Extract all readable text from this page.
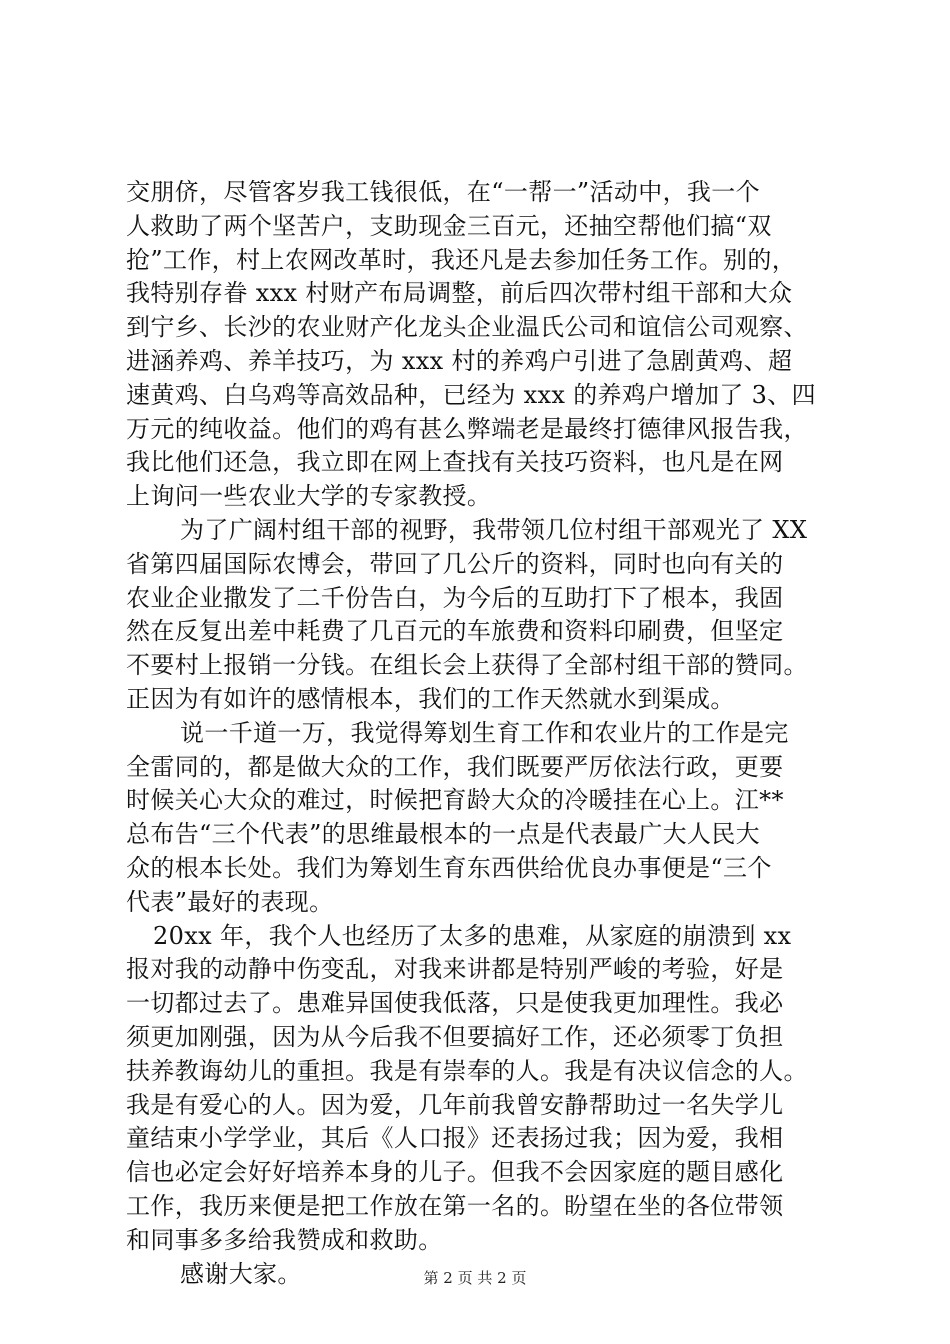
交朋侪，尽管客岁我工钱很低，在“一帮一”活动中，我一个
人救助了两个坚苦户，支助现金三百元，还抽空帮他们搞“双
抢”工作，村上农网改革时，我还凡是去参加任务工作。别的，
我特别存眷 xxx 村财产布局调整，前后四次带村组干部和大众
到宁乡、长沙的农业财产化龙头企业温氏公司和谊信公司观察、
进涵养鸡、养羊技巧，为 xxx 村的养鸡户引进了急剧黄鸡、超
速黄鸡、白乌鸡等高效品种，已经为 xxx 的养鸡户增加了 3、四
万元的纯收益。他们的鸡有甚么弊端老是最终打德律风报告我，
我比他们还急，我立即在网上查找有关技巧资料，也凡是在网
上询问一些农业大学的专家教授。
为了广阔村组干部的视野，我带领几位村组干部观光了 XX
省第四届国际农博会，带回了几公斤的资料，同时也向有关的
农业企业撒发了二千份告白，为今后的互助打下了根本，我固
然在反复出差中耗费了几百元的车旅费和资料印刷费，但坚定
不要村上报销一分钱。在组长会上获得了全部村组干部的赞同。
正因为有如许的感情根本，我们的工作天然就水到渠成。
说一千道一万，我觉得筹划生育工作和农业片的工作是完
全雷同的，都是做大众的工作，我们既要严厉依法行政，更要
时候关心大众的难过，时候把育龄大众的冷暖挂在心上。江**
总布告“三个代表”的思维最根本的一点是代表最广大人民大
众的根本长处。我们为筹划生育东西供给优良办事便是“三个
代表”最好的表现。
20xx 年，我个人也经历了太多的患难，从家庭的崩溃到 xx
报对我的动静中伤变乱，对我来讲都是特别严峻的考验，好是
一切都过去了。患难异国使我低落，只是使我更加理性。我必
须更加刚强，因为从今后我不但要搞好工作，还必须零丁负担
扶养教诲幼儿的重担。我是有崇奉的人。我是有决议信念的人。
我是有爱心的人。因为爱，几年前我曾安静帮助过一名失学儿
童结束小学学业，其后《人口报》还表扬过我；因为爱，我相
信也必定会好好培养本身的儿子。但我不会因家庭的题目感化
工作，我历来便是把工作放在第一名的。盼望在坐的各位带领
和同事多多给我赞成和救助。
感谢大家。	第 2 页 共 2 页
